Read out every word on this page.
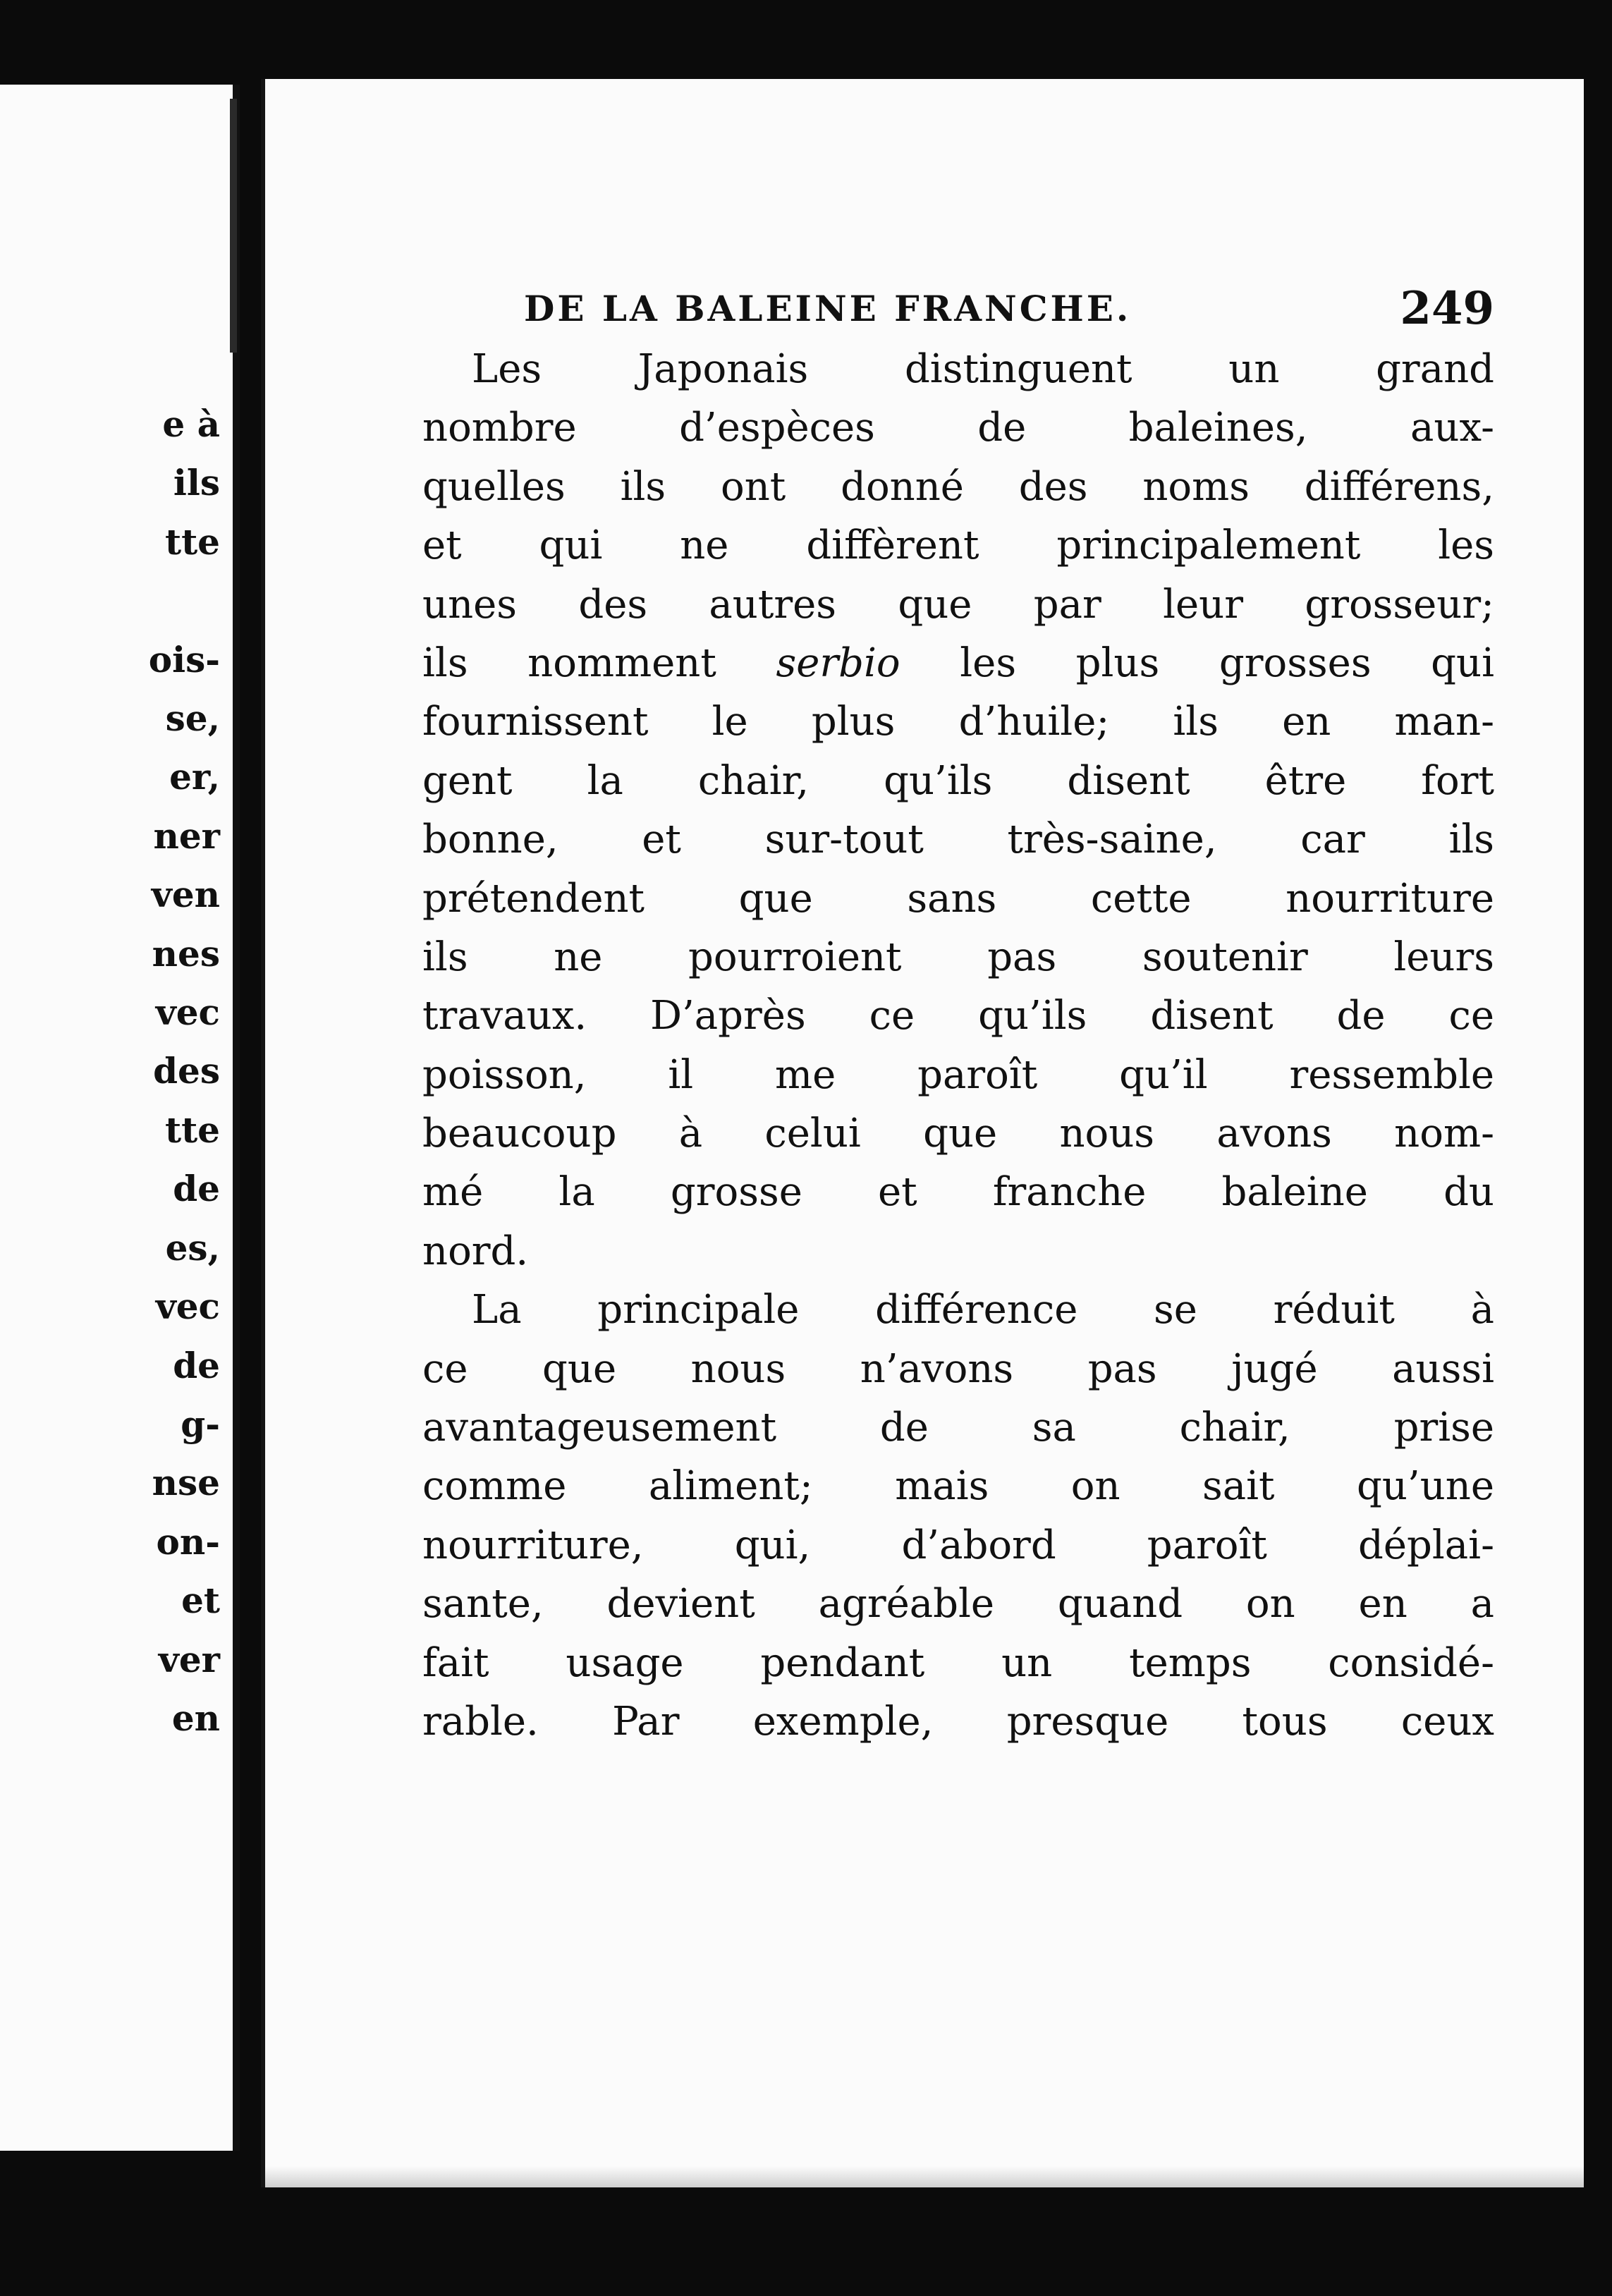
e à
ils
tte

ois-
se,
er,
ner
ven
nes
vec
des
tte
de
es,
vec
de
g-
nse
on-
et
ver
en
DE LA BALEINE FRANCHE.	249
Les Japonais distinguent un grand
nombre d’espèces de baleines, aux-
quelles ils ont donné des noms différens,
et qui ne diffèrent principalement les
unes des autres que par leur grosseur;
ils nomment serbio les plus grosses qui
fournissent le plus d’huile; ils en man-
gent la chair, qu’ils disent être fort
bonne, et sur-tout très-saine, car ils
prétendent que sans cette nourriture
ils ne pourroient pas soutenir leurs
travaux. D’après ce qu’ils disent de ce
poisson, il me paroît qu’il ressemble
beaucoup à celui que nous avons nom-
mé la grosse et franche baleine du
nord.
La principale différence se réduit à
ce que nous n’avons pas jugé aussi
avantageusement de sa chair, prise
comme aliment; mais on sait qu’une
nourriture, qui, d’abord paroît déplai-
sante, devient agréable quand on en a
fait usage pendant un temps considé-
rable. Par exemple, presque tous ceux
